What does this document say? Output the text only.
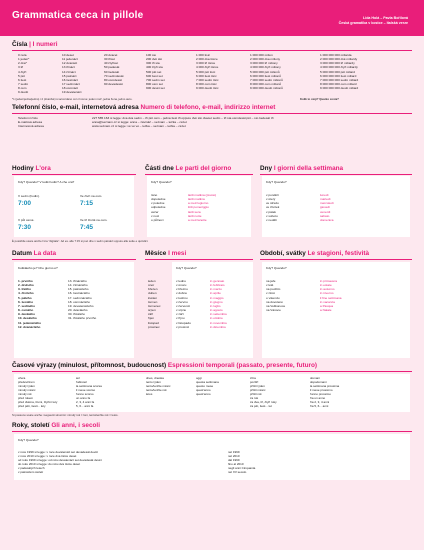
Grammatica ceca in pillole	Lida Holá – Pavla Bořilová
Česká gramatika v kostce – Italská verze
Čísla | I numeri
0 nula
1 jeden*
2 dva*
3 tři
4 čtyři
5 pět
6 šest
7 sedm
8 osm
9 devět
10 deset
11 jedenáct
12 dvanáct
13 třináct
14 čtrnáct
15 patnáct
16 šestnáct
17 sedmnáct
18 osmnáct
19 devatenáct
20 dvacet
30 třicet
40 čtyřicet
50 padesát
60 šedesát
70 sedmdesát
80 osmdesát
90 devadesát
100 sto
200 dvě stě
300 tři sta
400 čtyři sta
500 pět set
600 šest set
700 sedm set
800 osm set
900 devět set
1 000 tisíc
2 000 dva tisíce
3 000 tři tisíce
4 000 čtyři tisíce
5 000 pět tisíc
6 000 šest tisíc
7 000 sedm tisíc
8 000 osm tisíc
9 000 devět tisíc
1 000 000 milion
2 000 000 dva miliony
3 000 000 tři miliony
4 000 000 čtyři miliony
5 000 000 pět milionů
6 000 000 šest milionů
7 000 000 sedm milionů
8 000 000 osm milionů
9 000 000 devět milionů
1 000 000 000 miliarda
2 000 000 000 dvě miliardy
3 000 000 000 tři miliardy
4 000 000 000 čtyři miliardy
5 000 000 000 pět miliard
6 000 000 000 šest miliard
7 000 000 000 sedm miliard
8 000 000 000 osm miliard
9 000 000 000 devět miliard
*1 (jeden/jedna/jedno) i 2 (dva/dvě) si accordano con il nome: jeden muž, jedna žena, jedno auto.	Kolik to stojí? Quanto costa?
Telefonní číslo, e-mail, internetová adresa Numero di telefono, e-mail, indirizzo internet
Telefonní číslo
E-mailová adresa
Internetová adresa
227 585 163 si legge: dva dva sedm – tři pět osm – jedna šest tři oppure dvě stě dvacet sedm – tři sta osmdesát pět – sto šedesát tři
anna@seznam.cz si legge: anna – zavináč – seznam – tečka – cézet
www.seznam.cz si legge: vé vé vé – tečka – seznam – tečka – cézet
Hodiny L'ora
Kdy? Quando? V kolik hodin? A che ora?
V sedm (hodin).
7:00
Ve čtvrt na osm.
7:15
V půl osmé.
7:30
Ve tři čtvrtě na osm.
7:45
È possibile usare anche l'ora "digitale". Ad es. alle 7:15 si può dire v sedm patnáct oppure alle sette e quindici.
Části dne Le parti del giorno
Kdy? Quando?
ráno
dopoledne
v poledne
odpoledne
večer
v noci
o půlnoci
la/di mattina (presto)
la/di mattina
a mezzogiorno
il/di pomeriggio
la/di sera
la/di notte
a mezzanotte
Dny I giorni della settimana
Kdy? Quando?
v pondělí
v úterý
ve středu
ve čtvrtek
v pátek
v sobotu
v neděli
lunedì
martedì
mercoledì
giovedì
venerdì
sabato
domenica
Datum La data
Kolikátého je? Che giorno è?
1. prvního
2. druhého
3. třetího
4. čtvrtého
5. pátého
6. šestého
7. sedmého
8. osmého
9. devátého
10. desátého
11. jedenáctého
12. dvanáctého
13. třináctého
14. čtrnáctého
15. patnáctého
16. šestnáctého
17. sedmnáctého
18. osmnáctého
19. devatenáctého
20. dvacátého
30. třicátého
31. třicátého prvního
Měsíce I mesi
Kdy? Quando?
leden
únor
březen
duben
květen
červen
červenec
srpen
září
říjen
listopad
prosinec
v lednu
v únoru
v březnu
v dubnu
v květnu
v červnu
v červenci
v srpnu
v září
v říjnu
v listopadu
v prosinci
in gennaio
in febbraio
in marzo
in aprile
in maggio
in giugno
in luglio
in agosto
in settembre
in ottobre
in novembre
in dicembre
Období, svátky Le stagioni, festività
Kdy? Quando?
na jaře
v létě
na podzim
v zimě
o víkendu
na dovolené
na Velikonoce
na Vánoce
in primavera
in estate
in autunno
in inverno
il fine settimana
in vacanza
a Pasqua
a Natale
Časové výrazy (minulost, přítomnost, budoucnost) Espressioni temporali (passato, presente, futuro)
včera
předevčírem
minulý týden
minulý měsíc
minulý rok
před rokem
před dvěma, třemi, čtyřmi lety
před pěti, šesti... lety
ieri
l'altroieri
la settimana scorsa
il mese scorso
l'anno scorso
un anno fa
2, 3, 4 anni fa
5, 6... anni fa
dnes, dneska
tento týden
tento/tenhle měsíc
tento/tenhle rok
letos
oggi
questa settimana
questo mese
quest'anno
quest'anno
zítra
pozítří
příští týden
příští měsíc
příští rok
za rok
za dva, tři, čtyři roky
za pět, šest... let
domani
dopodomani
la settimana prossima
il mese prossimo
l'anno prossimo
fra un anno
fra 2, 3, 4 anni
fra 5, 6... anni
Si possono usare anche i seguenti sinonimi: minulý rok = loni, tento/tenhle rok = letos.
Roky, století Gli anni, i secoli
Kdy? Quando?
v roce 1999 si legge: v roce devatenáct set devadesát devět
v roce 2010 si legge: v roce dva tisíce deset
od roku 1999 si legge: od roku devatenáct set devadesát devět
do roku 2010 si legge: do roku dva tisíce deset
v padesátých letech
v patnáctém století
nel 1999
nel 2010
dal 1999
fino al 2010
negli anni Cinquanta
nel XV secolo
